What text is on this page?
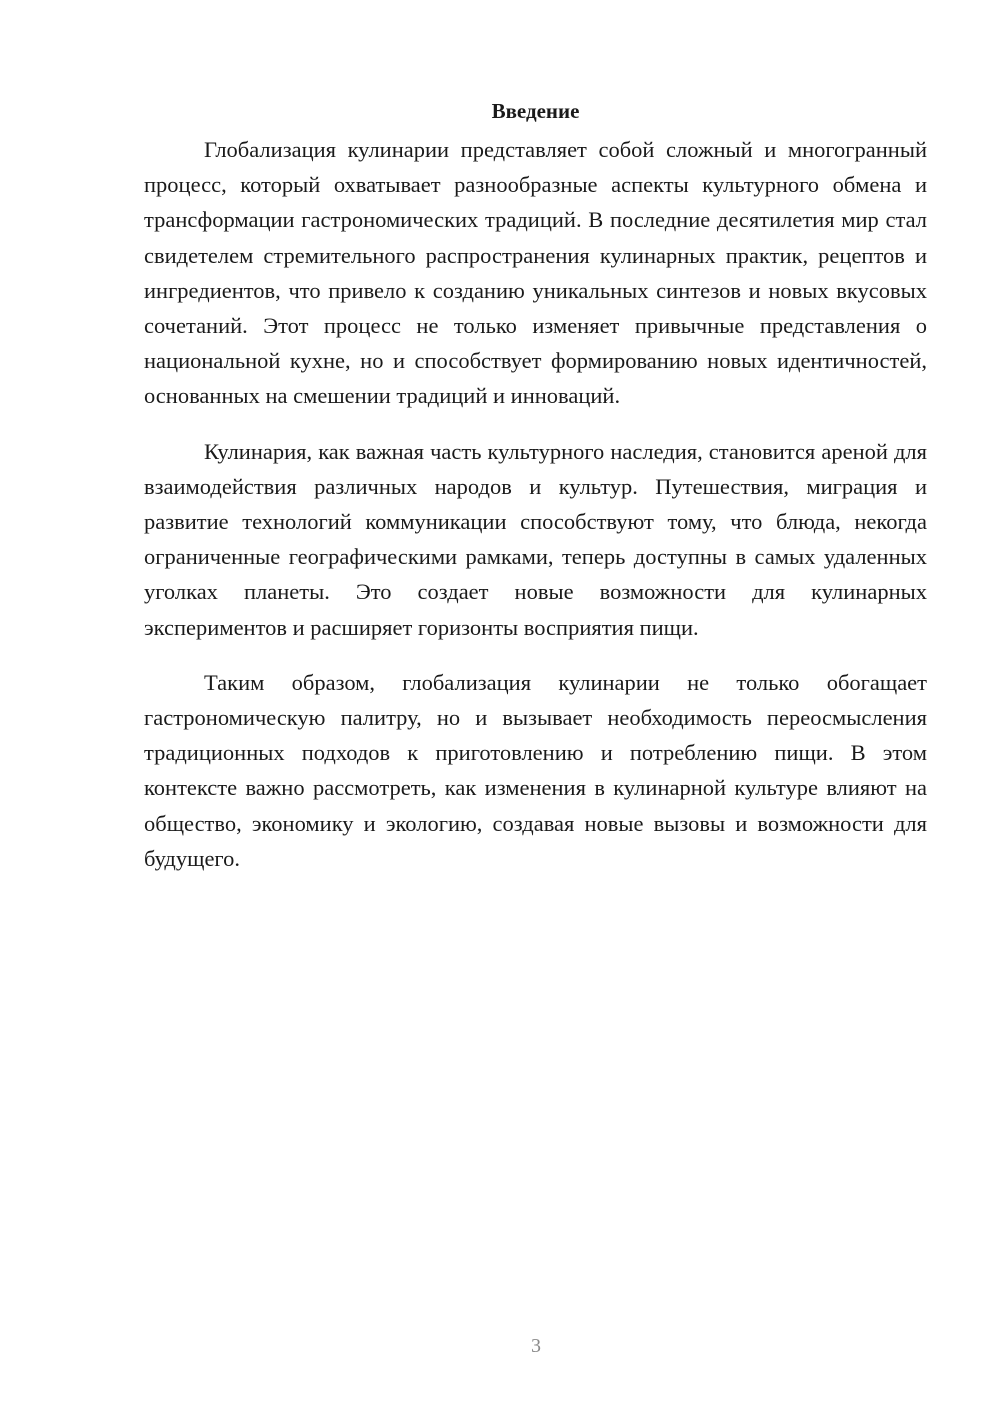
Введение

Глобализация кулинарии представляет собой сложный и многогранный процесс, который охватывает разнообразные аспекты культурного обмена и трансформации гастрономических традиций. В последние десятилетия мир стал свидетелем стремительного распространения кулинарных практик, рецептов и ингредиентов, что привело к созданию уникальных синтезов и новых вкусовых сочетаний. Этот процесс не только изменяет привычные представления о национальной кухне, но и способствует формированию новых идентичностей, основанных на смешении традиций и инноваций.

Кулинария, как важная часть культурного наследия, становится ареной для взаимодействия различных народов и культур. Путешествия, миграция и развитие технологий коммуникации способствуют тому, что блюда, некогда ограниченные географическими рамками, теперь доступны в самых удаленных уголках планеты. Это создает новые возможности для кулинарных экспериментов и расширяет горизонты восприятия пищи.

Таким образом, глобализация кулинарии не только обогащает гастрономическую палитру, но и вызывает необходимость переосмысления традиционных подходов к приготовлению и потреблению пищи. В этом контексте важно рассмотреть, как изменения в кулинарной культуре влияют на общество, экономику и экологию, создавая новые вызовы и возможности для будущего.

3
